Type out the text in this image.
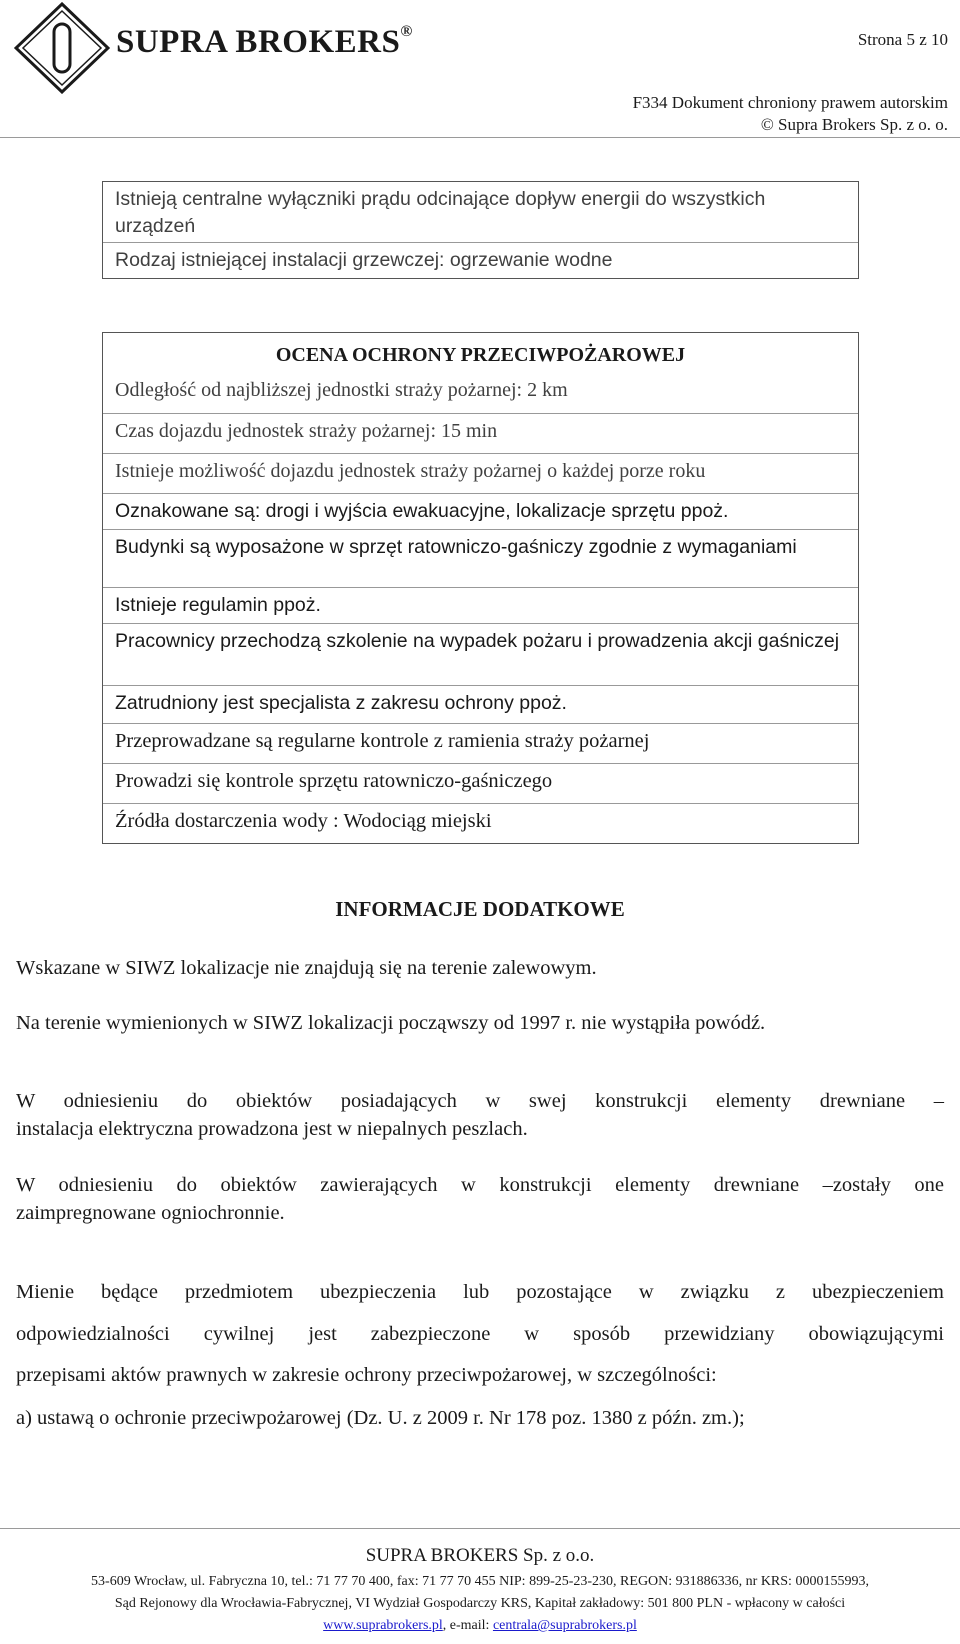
SUPRA BROKERS®	Strona 5 z 10
F334 Dokument chroniony prawem autorskim
© Supra Brokers Sp. z o. o.
Istnieją centralne wyłączniki prądu odcinające dopływ energii do wszystkich urządzeń
Rodzaj istniejącej instalacji grzewczej: ogrzewanie wodne
OCENA OCHRONY PRZECIWPOŻAROWEJ
Odległość od najbliższej jednostki straży pożarnej: 2 km
Czas dojazdu jednostek straży pożarnej: 15 min
Istnieje możliwość dojazdu jednostek straży pożarnej o każdej porze roku
Oznakowane są: drogi i wyjścia ewakuacyjne, lokalizacje sprzętu ppoż.
Budynki są wyposażone w sprzęt ratowniczo-gaśniczy zgodnie z wymaganiami
Istnieje regulamin ppoż.
Pracownicy przechodzą szkolenie na wypadek pożaru i prowadzenia akcji gaśniczej
Zatrudniony jest specjalista z zakresu ochrony ppoż.
Przeprowadzane są regularne kontrole z ramienia straży pożarnej
Prowadzi się kontrole sprzętu ratowniczo-gaśniczego
Źródła dostarczenia wody : Wodociąg miejski
INFORMACJE DODATKOWE
Wskazane w SIWZ lokalizacje nie znajdują się na terenie zalewowym.
Na terenie wymienionych w SIWZ lokalizacji począwszy od 1997 r. nie wystąpiła powódź.
W odniesieniu do obiektów posiadających w swej konstrukcji elementy drewniane –
instalacja elektryczna prowadzona jest w niepalnych peszlach.
W odniesieniu do obiektów zawierających w konstrukcji elementy drewniane –zostały one
zaimpregnowane ogniochronnie.
Mienie będące przedmiotem ubezpieczenia lub pozostające w związku z ubezpieczeniem
odpowiedzialności cywilnej jest zabezpieczone w sposób przewidziany obowiązującymi
przepisami aktów prawnych w zakresie ochrony przeciwpożarowej, w szczególności:
a) ustawą o ochronie przeciwpożarowej (Dz. U. z 2009 r. Nr 178 poz. 1380 z późn. zm.);
SUPRA BROKERS Sp. z o.o.
53-609 Wrocław, ul. Fabryczna 10, tel.: 71 77 70 400, fax: 71 77 70 455 NIP: 899-25-23-230, REGON: 931886336, nr KRS: 0000155993,
Sąd Rejonowy dla Wrocławia-Fabrycznej, VI Wydział Gospodarczy KRS, Kapitał zakładowy: 501 800 PLN - wpłacony w całości
www.suprabrokers.pl, e-mail: centrala@suprabrokers.pl
